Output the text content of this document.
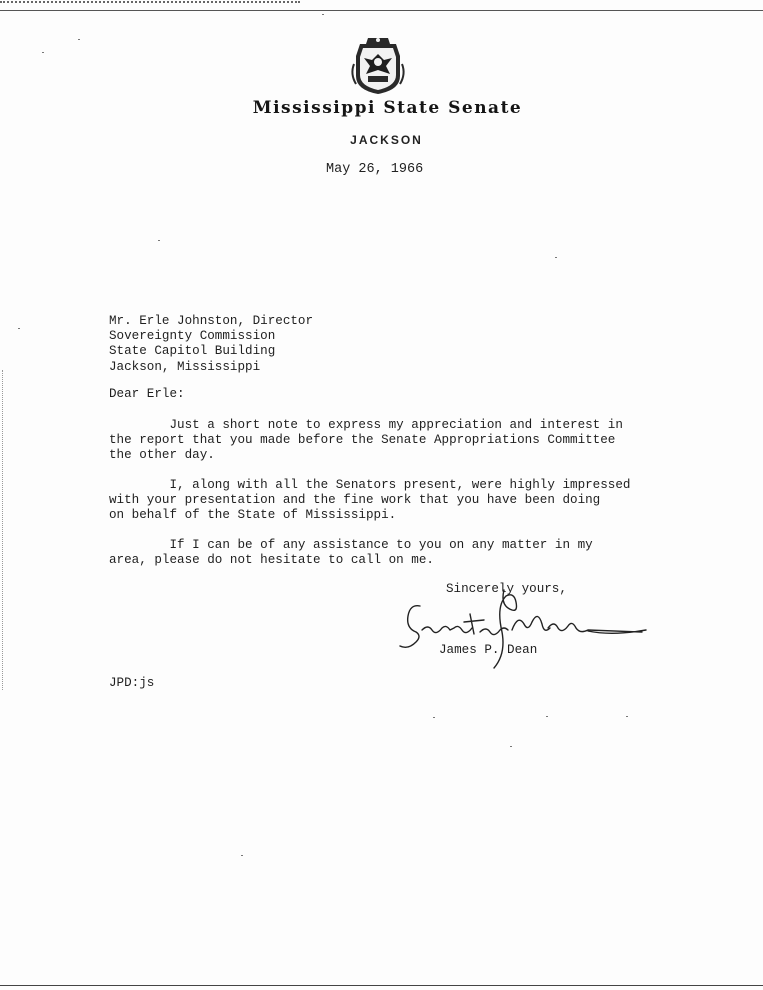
Mississippi State Senate
JACKSON
May 26, 1966
Mr. Erle Johnston, Director
Sovereignty Commission
State Capitol Building
Jackson, Mississippi
Dear Erle:
Just a short note to express my appreciation and interest in
the report that you made before the Senate Appropriations Committee
the other day.
I, along with all the Senators present, were highly impressed
with your presentation and the fine work that you have been doing
on behalf of the State of Mississippi.
If I can be of any assistance to you on any matter in my
area, please do not hesitate to call on me.
Sincerely yours,
James P. Dean
JPD:js
